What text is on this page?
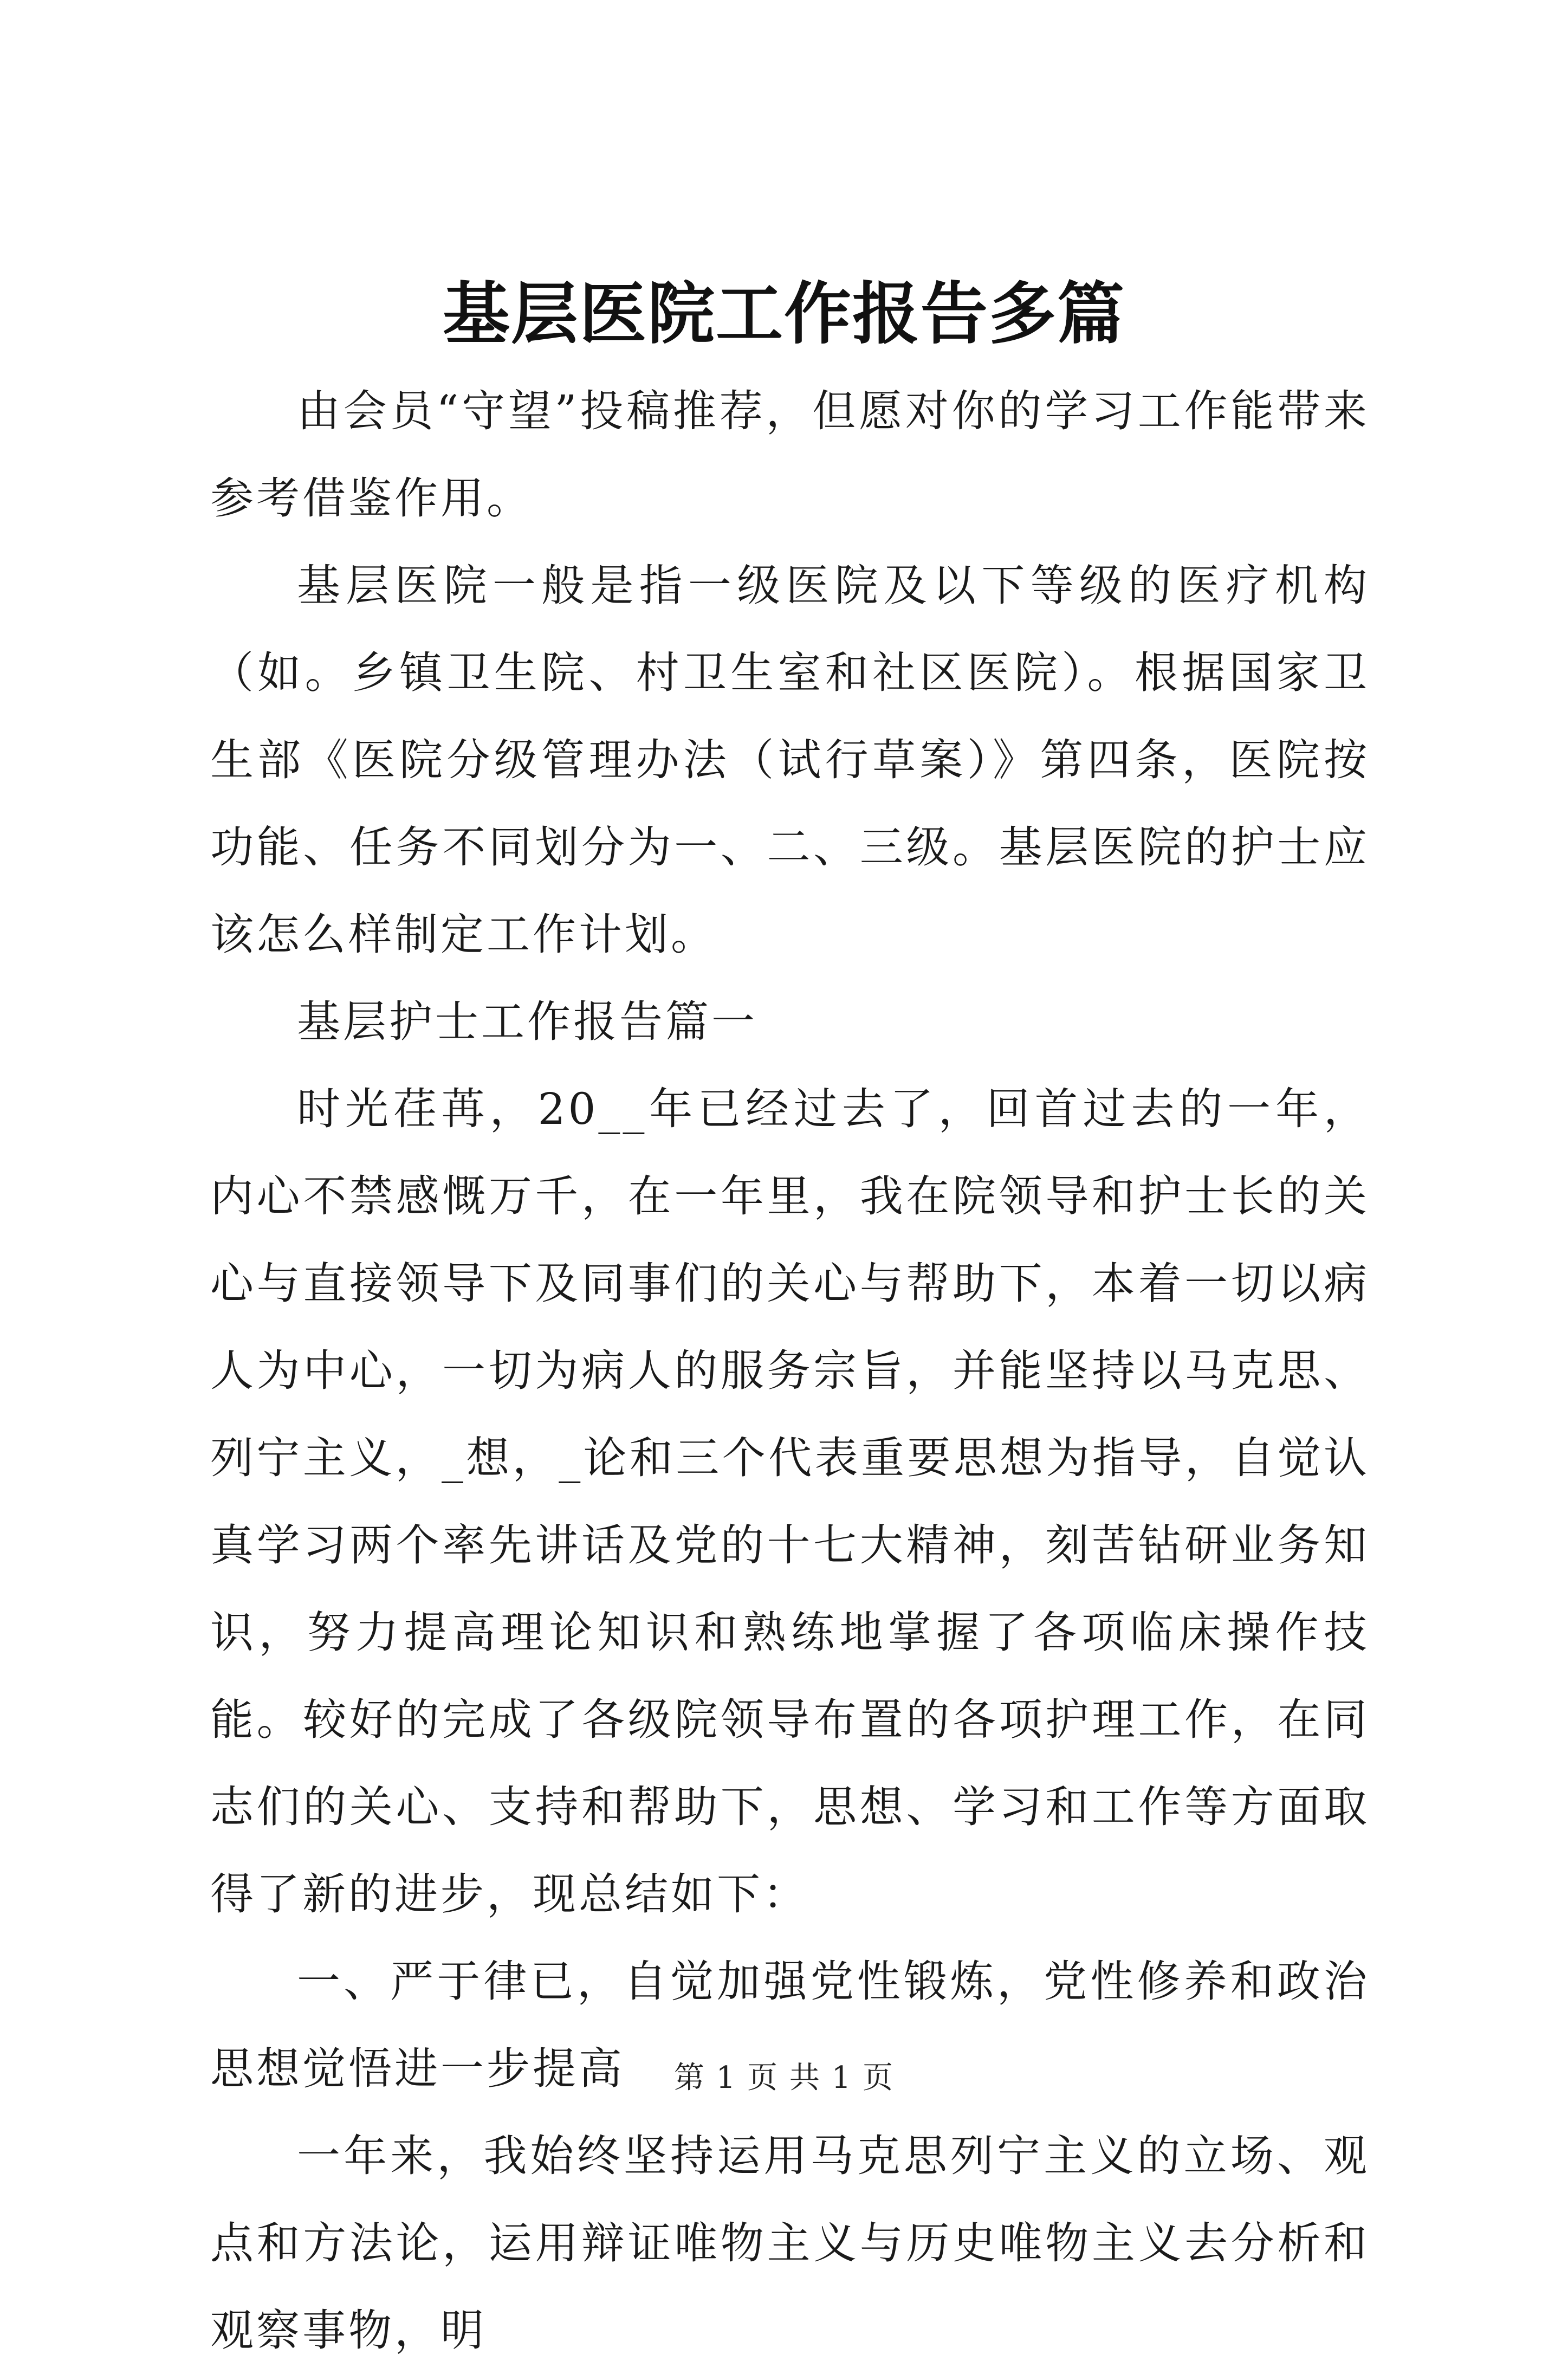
基层医院工作报告多篇

由会员“守望”投稿推荐，但愿对你的学习工作能带来参考借鉴作用。

基层医院一般是指一级医院及以下等级的医疗机构（如。乡镇卫生院、村卫生室和社区医院）。根据国家卫生部《医院分级管理办法（试行草案）》第四条，医院按功能、任务不同划分为一、二、三级。基层医院的护士应该怎么样制定工作计划。

基层护士工作报告篇一

时光荏苒，20__年已经过去了，回首过去的一年，内心不禁感慨万千，在一年里，我在院领导和护士长的关心与直接领导下及同事们的关心与帮助下，本着一切以病人为中心，一切为病人的服务宗旨，并能坚持以马克思、列宁主义，_想，_论和三个代表重要思想为指导，自觉认真学习两个率先讲话及党的十七大精神，刻苦钻研业务知识，努力提高理论知识和熟练地掌握了各项临床操作技能。较好的完成了各级院领导布置的各项护理工作，在同志们的关心、支持和帮助下，思想、学习和工作等方面取得了新的进步，现总结如下：

一、严于律已，自觉加强党性锻炼，党性修养和政治思想觉悟进一步提高

一年来，我始终坚持运用马克思列宁主义的立场、观点和方法论，运用辩证唯物主义与历史唯物主义去分析和观察事物，明

第 1 页 共 1 页
